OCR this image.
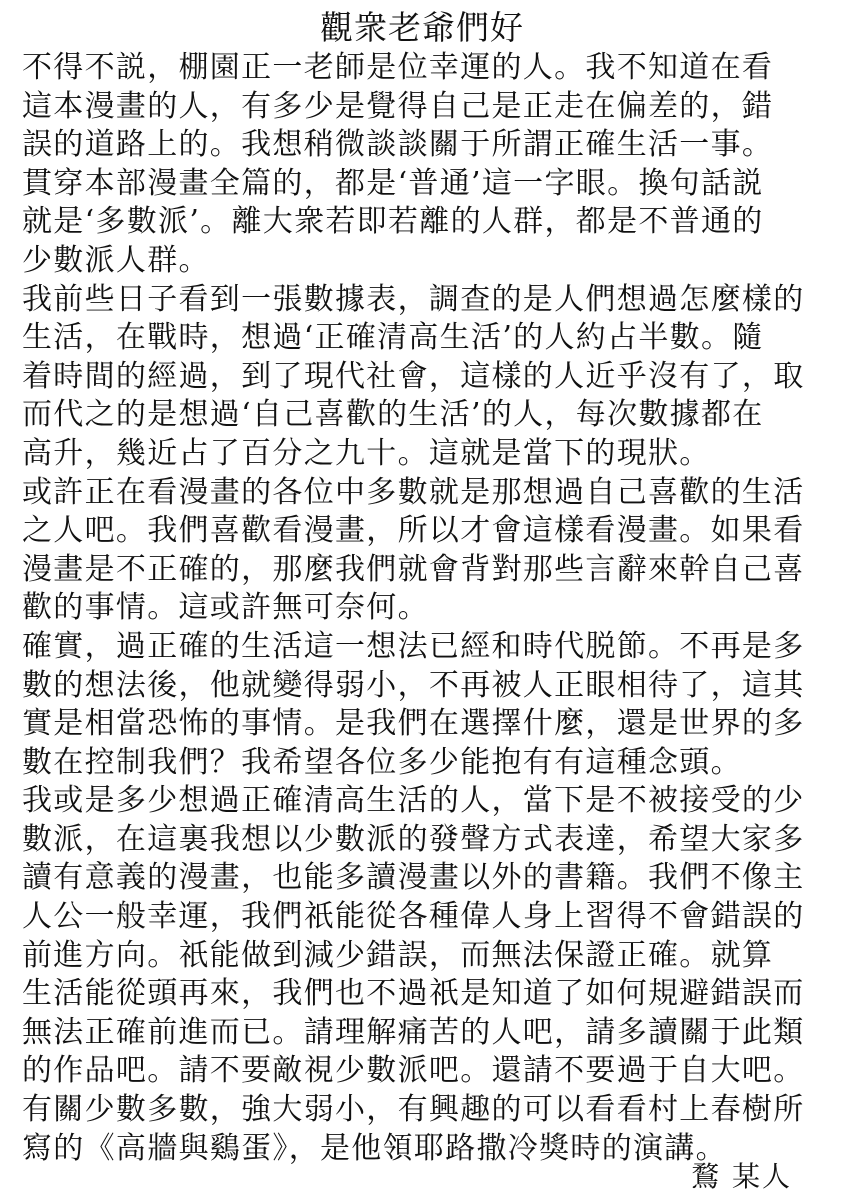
觀衆老爺們好
不得不説，棚園正一老師是位幸運的人。我不知道在看
這本漫畫的人，有多少是覺得自己是正走在偏差的，錯
誤的道路上的。我想稍微談談關于所謂正確生活一事。
貫穿本部漫畫全篇的，都是‘普通’這一字眼。換句話説
就是‘多數派’。離大衆若即若離的人群，都是不普通的
少數派人群。
我前些日子看到一張數據表，調查的是人們想過怎麼樣的
生活，在戰時，想過‘正確清高生活’的人約占半數。隨
着時間的經過，到了現代社會，這樣的人近乎沒有了，取
而代之的是想過‘自己喜歡的生活’的人，每次數據都在
高升，幾近占了百分之九十。這就是當下的現狀。
或許正在看漫畫的各位中多數就是那想過自己喜歡的生活
之人吧。我們喜歡看漫畫，所以才會這樣看漫畫。如果看
漫畫是不正確的，那麼我們就會背對那些言辭來幹自己喜
歡的事情。這或許無可奈何。
確實，過正確的生活這一想法已經和時代脱節。不再是多
數的想法後，他就變得弱小，不再被人正眼相待了，這其
實是相當恐怖的事情。是我們在選擇什麼，還是世界的多
數在控制我們？我希望各位多少能抱有有這種念頭。
我或是多少想過正確清高生活的人，當下是不被接受的少
數派，在這裏我想以少數派的發聲方式表達，希望大家多
讀有意義的漫畫，也能多讀漫畫以外的書籍。我們不像主
人公一般幸運，我們祇能從各種偉人身上習得不會錯誤的
前進方向。祇能做到減少錯誤，而無法保證正確。就算
生活能從頭再來，我們也不過祇是知道了如何規避錯誤而
無法正確前進而已。請理解痛苦的人吧，請多讀關于此類
的作品吧。請不要敵視少數派吧。還請不要過于自大吧。
有關少數多數，強大弱小，有興趣的可以看看村上春樹所
寫的《高牆與鷄蛋》，是他領耶路撒冷獎時的演講。
鶩 某人
